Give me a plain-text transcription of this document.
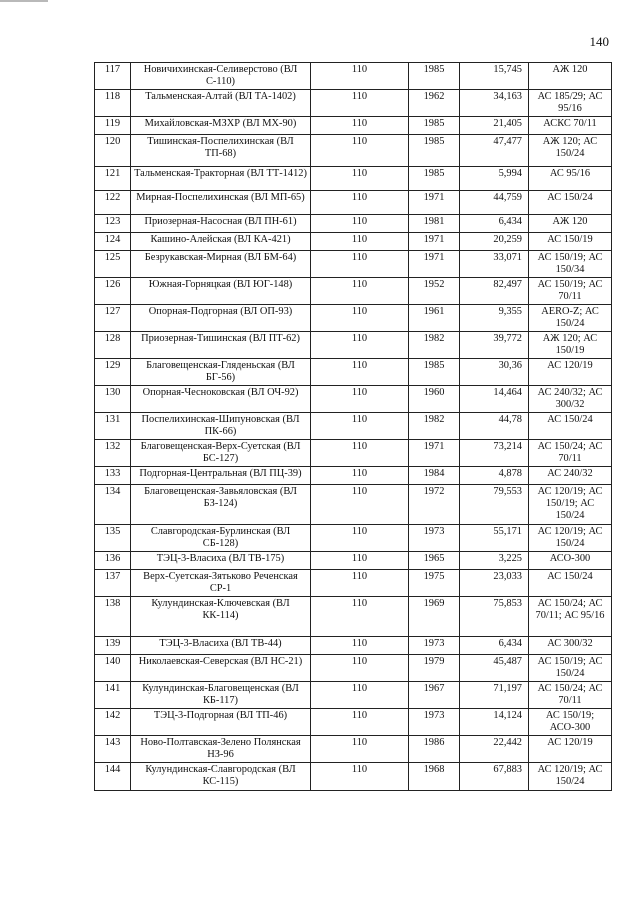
140
117	Новичихинская-Селиверстово (ВЛ С-110)	110	1985	15,745	АЖ 120
118	Тальменская-Алтай (ВЛ ТА-1402)	110	1962	34,163	АС 185/29; АС 95/16
119	Михайловская-МЗХР (ВЛ МХ-90)	110	1985	21,405	АСКС 70/11
120	Тишинская-Поспелихинская (ВЛ ТП-68)	110	1985	47,477	АЖ 120; АС 150/24
121	Тальменская-Тракторная (ВЛ ТТ-1412)	110	1985	5,994	АС 95/16
122	Мирная-Поспелихинская (ВЛ МП-65)	110	1971	44,759	АС 150/24
123	Приозерная-Насосная (ВЛ ПН-61)	110	1981	6,434	АЖ 120
124	Кашино-Алейская (ВЛ КА-421)	110	1971	20,259	АС 150/19
125	Безрукавская-Мирная (ВЛ БМ-64)	110	1971	33,071	АС 150/19; АС 150/34
126	Южная-Горняцкая (ВЛ ЮГ-148)	110	1952	82,497	АС 150/19; АС 70/11
127	Опорная-Подгорная (ВЛ ОП-93)	110	1961	9,355	AERO-Z; АС 150/24
128	Приозерная-Тишинская (ВЛ ПТ-62)	110	1982	39,772	АЖ 120; АС 150/19
129	Благовещенская-Гляденьская (ВЛ БГ-56)	110	1985	30,36	АС 120/19
130	Опорная-Чесноковская (ВЛ ОЧ-92)	110	1960	14,464	АС 240/32; АС 300/32
131	Поспелихинская-Шипуновская (ВЛ ПК-66)	110	1982	44,78	АС 150/24
132	Благовещенская-Верх-Суетская (ВЛ БС-127)	110	1971	73,214	АС 150/24; АС 70/11
133	Подгорная-Центральная (ВЛ ПЦ-39)	110	1984	4,878	АС 240/32
134	Благовещенская-Завьяловская (ВЛ БЗ-124)	110	1972	79,553	АС 120/19; АС 150/19; АС 150/24
135	Славгородская-Бурлинская (ВЛ СБ-128)	110	1973	55,171	АС 120/19; АС 150/24
136	ТЭЦ-3-Власиха (ВЛ ТВ-175)	110	1965	3,225	АСО-300
137	Верх-Суетская-Зятьково Реченская СР-1	110	1975	23,033	АС 150/24
138	Кулундинская-Ключевская (ВЛ КК-114)	110	1969	75,853	АС 150/24; АС 70/11; АС 95/16
139	ТЭЦ-3-Власиха (ВЛ ТВ-44)	110	1973	6,434	АС 300/32
140	Николаевская-Северская (ВЛ НС-21)	110	1979	45,487	АС 150/19; АС 150/24
141	Кулундинская-Благовещенская (ВЛ КБ-117)	110	1967	71,197	АС 150/24; АС 70/11
142	ТЭЦ-3-Подгорная (ВЛ ТП-46)	110	1973	14,124	АС 150/19; АСО-300
143	Ново-Полтавская-Зелено Полянская НЗ-96	110	1986	22,442	АС 120/19
144	Кулундинская-Славгородская (ВЛ КС-115)	110	1968	67,883	АС 120/19; АС 150/24
